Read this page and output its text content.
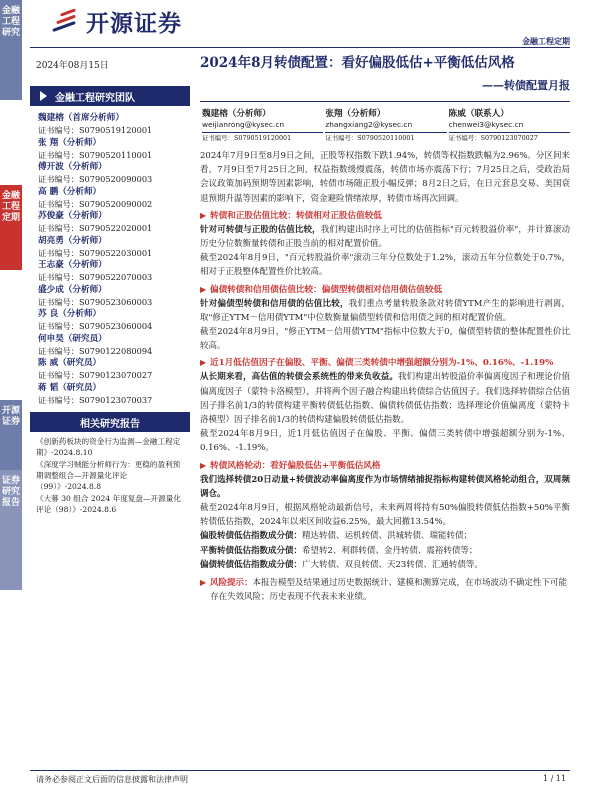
金融工程研究
金融工程定期
开源证券
证券研究报告
开源证券
金融工程定期
2024年08月15日
金融工程研究团队
魏建榕（首席分析师）
证书编号：S0790519120001
张 翔（分析师）
证书编号：S0790520110001
傅开波（分析师）
证书编号：S0790520090003
高 鹏（分析师）
证书编号：S0790520090002
苏俊豪（分析师）
证书编号：S0790522020001
胡亮勇（分析师）
证书编号：S0790522030001
王志豪（分析师）
证书编号：S0790522070003
盛少成（分析师）
证书编号：S0790523060003
苏 良（分析师）
证书编号：S0790523060004
何申昊（研究员）
证书编号：S0790122080094
陈 威（研究员）
证书编号：S0790123070027
蒋 韬（研究员）
证书编号：S0790123070037
相关研究报告
《创新药板块的资金行为监测—金融工程定期》-2024.8.10
《深度学习贼能分析师行为：更稳的盈利预期调整组合—开源量化评论（99）》-2024.8.8
《大幕 30 组合 2024 年度复盘—开源量化评论（98）》-2024.8.6
2024年8月转债配置：看好偏股低估+平衡低估风格
——转债配置月报
魏建榕（分析师）
weijianrong@kysec.cn
证书编号：S0790519120001
张翔（分析师）
zhangxiang2@kysec.cn
证书编号：S0790520110001
陈威（联系人）
chenwei3@kysec.cn
证书编号：S0790123070027
2024年7月9日至8月9日之间，正股等权指数下跌1.94%，转债等权指数跌幅为2.96%。分区间来看，7月9日至7月25日之间，权益指数缓慢震荡，转债市场亦震荡下行；7月25日之后，受政治局会议政策加码预期等因素影响，转债市场随正股小幅反弹；8月2日之后，在日元套息交易、美国衰退预期升温等因素的影响下，资金避险情绪浓厚，转债市场再次回调。
▶ 转债和正股估值比较：转债相对正股估值较低
针对可转债与正股的估值比较，我们构建出时序上可比的估值指标"百元转股溢价率"，并计算滚动历史分位数衡量转债和正股当前的相对配置价值。
截至2024年8月9日，"百元转股溢价率"滚动三年分位数处于1.2%，滚动五年分位数处于0.7%，相对于正股整体配置性价比较高。
▶ 偏债转债和信用债估值比较：偏债型转债相对信用债估值较低
针对偏债型转债和信用债的估值比较，我们重点考量转股条款对转债YTM产生的影响进行剥离，取"修正YTM－信用债YTM"中位数衡量偏债型转债和信用债之间的相对配置价值。
截至2024年8月9日，"修正YTM－信用债YTM"指标中位数大于0，偏债型转债的整体配置性价比较高。
▶ 近1月低估值因子在偏股、平衡、偏债三类转债中增强超额分别为-1%、0.16%、-1.19%
从长期来看，高估值的转债会系统性的带来负收益。我们构建出转股溢价率偏离度因子和理论价值偏离度因子（蒙特卡洛模型），并将两个因子融合构建出转债综合估值因子。我们选择转债综合估值因子排名前1/3的转债构建平衡转债低估指数、偏债转债低估指数；选择理论价值偏离度（蒙特卡洛模型）因子排名前1/3的转债构建偏股转债低估指数。
截至2024年8月9日，近1月低估值因子在偏股、平衡、偏债三类转债中增强超额分别为-1%、0.16%、-1.19%。
▶ 转债风格轮动：看好偏股低估+平衡低估风格
我们选择转债20日动量+转债波动率偏离度作为市场情绪捕捉指标构建转债风格轮动组合，双周频调仓。
截至2024年8月9日，根据风格轮动最新信号，未来两周将持有50%偏股转债低估指数+50%平衡转债低估指数，2024年以来区间收益6.25%，最大回撤13.54%。
偏股转债低估指数成分债：精达转债、运机转债、洪城转债、瑞能转债；
平衡转债低估指数成分债：希望转2、利群转债、金丹转债、震裕转债等；
偏债转债低估指数成分债：广大转债、双良转债、天23转债、汇通转债等。
▶ 风险提示：本报告模型及结果通过历史数据统计、建模和测算完成，在市场波动不确定性下可能存在失效风险；历史表现不代表未来业绩。
请务必参阅正文后面的信息披露和法律声明	1 / 11
